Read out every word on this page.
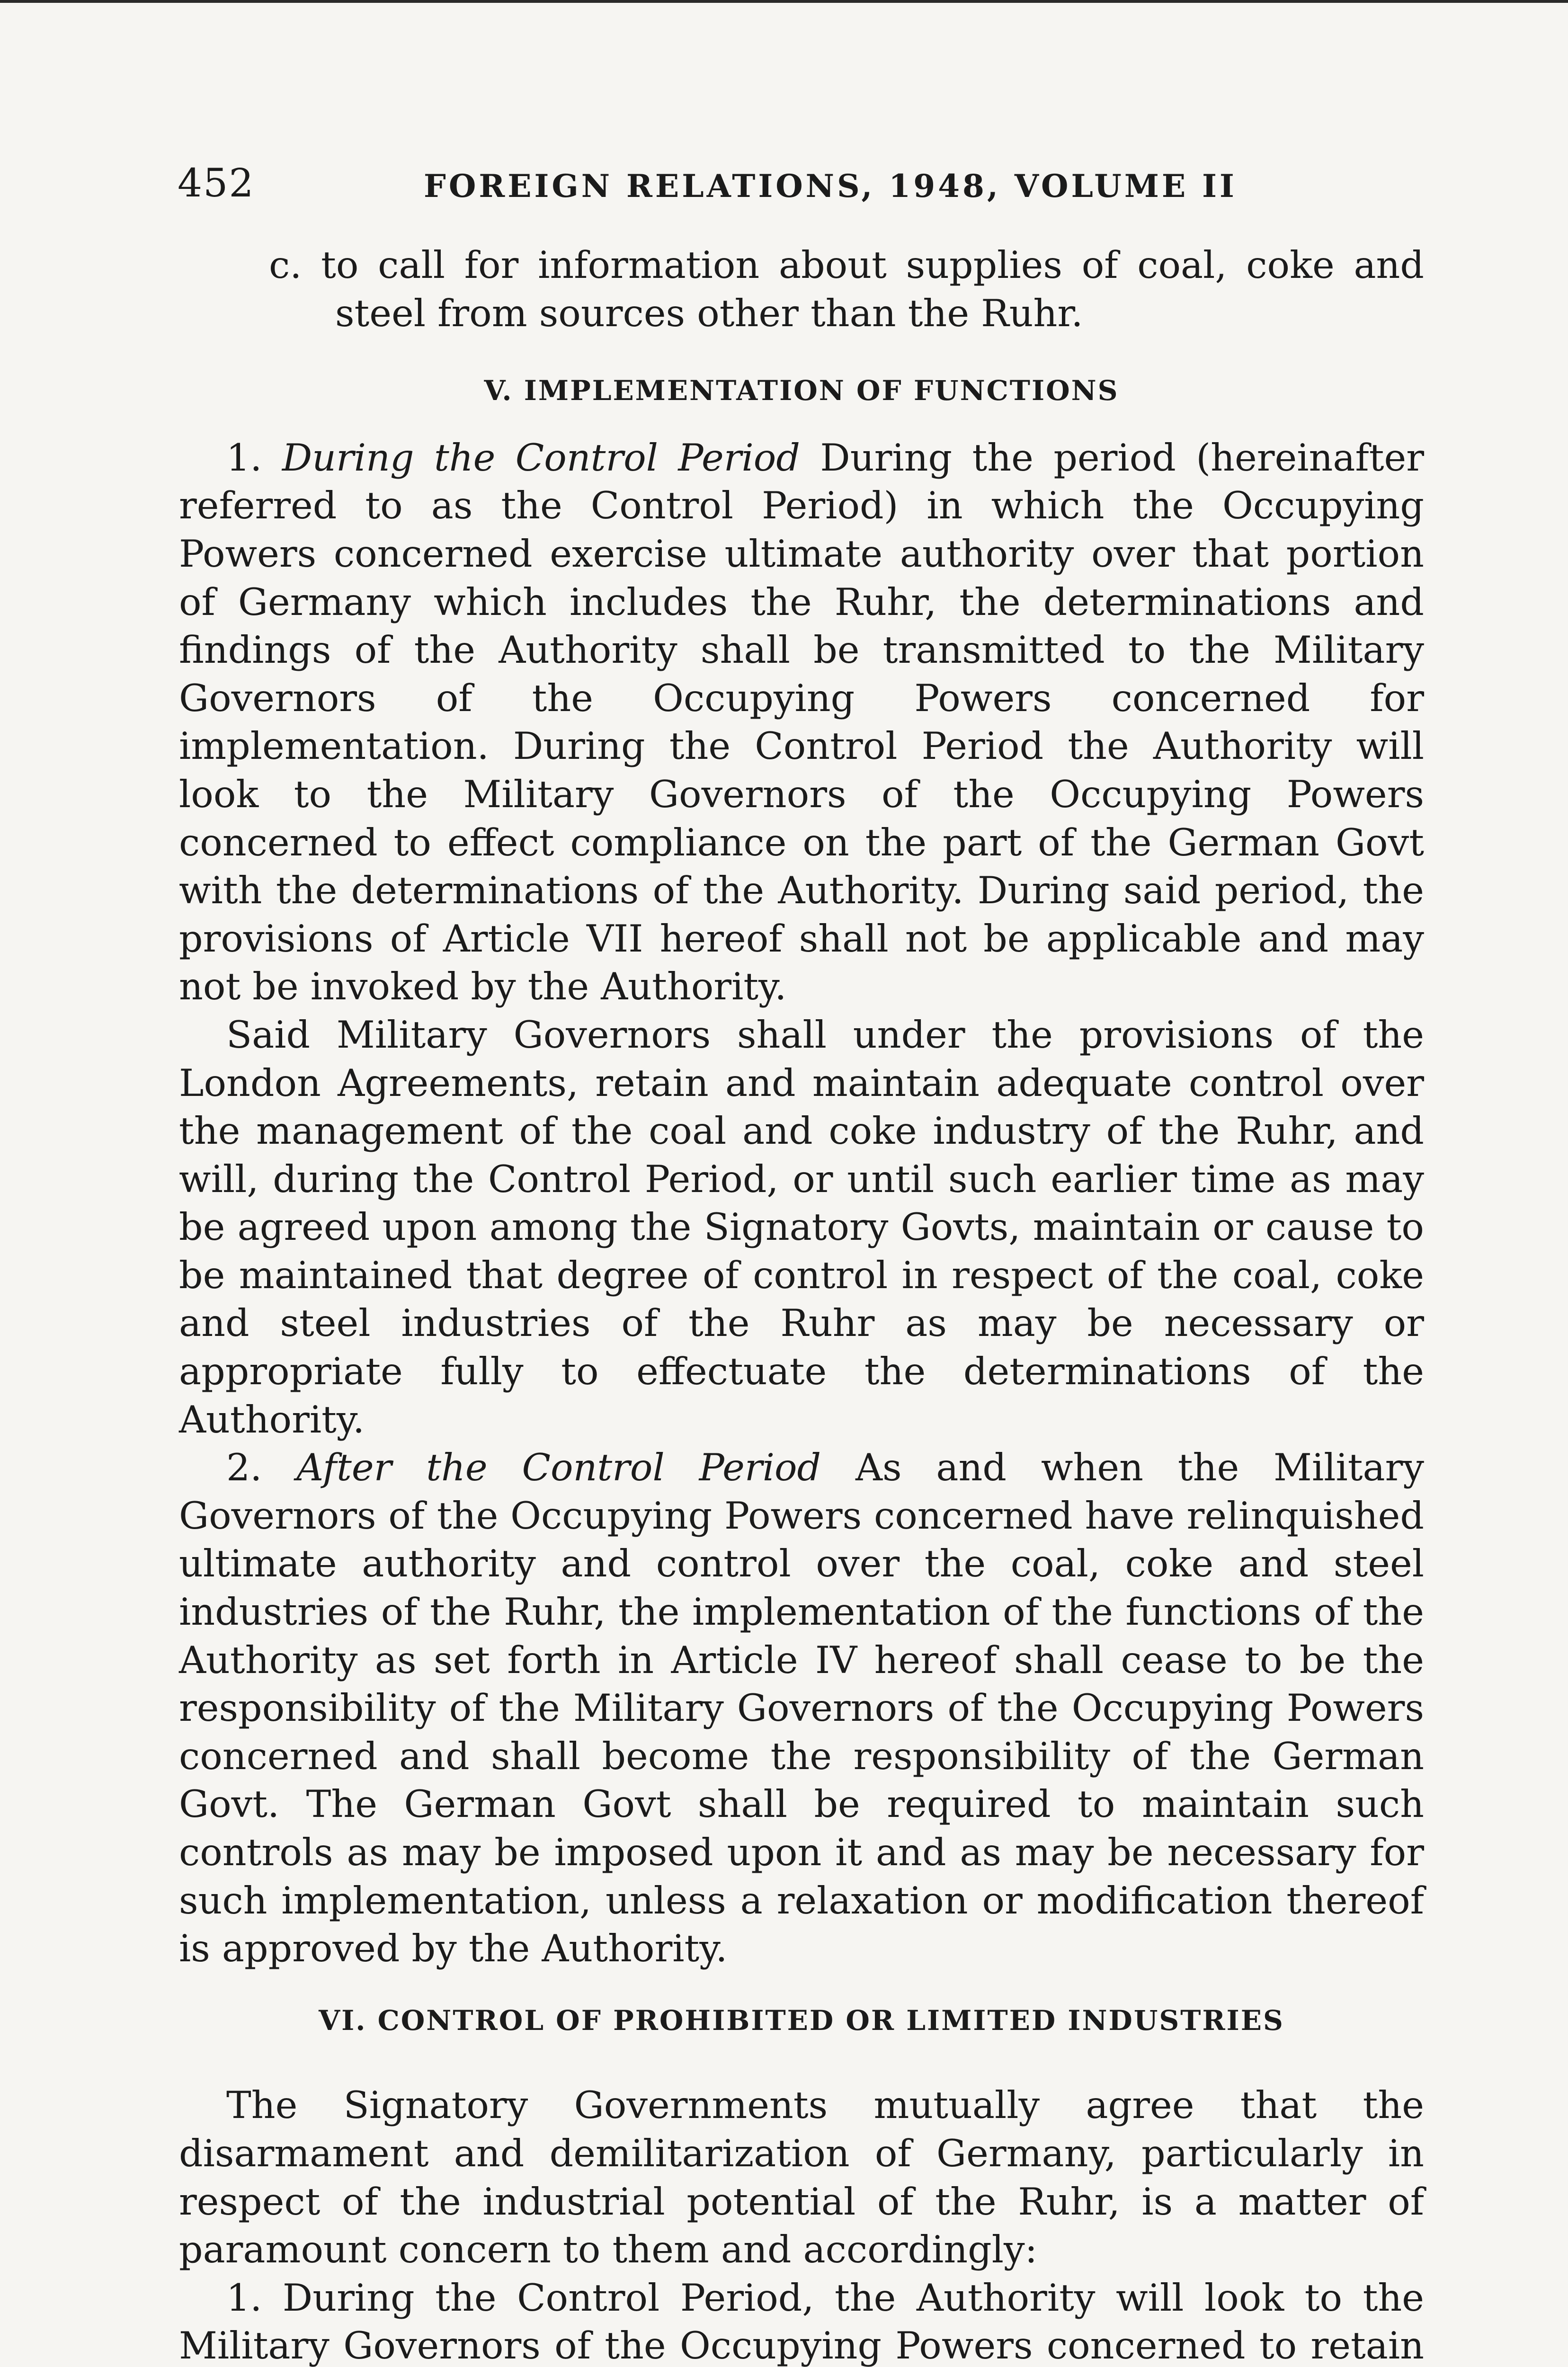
452	FOREIGN RELATIONS, 1948, VOLUME II

c. to call for information about supplies of coal, coke and steel from sources other than the Ruhr.

V. IMPLEMENTATION OF FUNCTIONS

1. During the Control Period During the period (hereinafter referred to as the Control Period) in which the Occupying Powers concerned exercise ultimate authority over that portion of Germany which includes the Ruhr, the determinations and findings of the Authority shall be transmitted to the Military Governors of the Occupying Powers concerned for implementation. During the Control Period the Authority will look to the Military Governors of the Occupying Powers concerned to effect compliance on the part of the German Govt with the determinations of the Authority. During said period, the provisions of Article VII hereof shall not be applicable and may not be invoked by the Authority.

Said Military Governors shall under the provisions of the London Agreements, retain and maintain adequate control over the management of the coal and coke industry of the Ruhr, and will, during the Control Period, or until such earlier time as may be agreed upon among the Signatory Govts, maintain or cause to be maintained that degree of control in respect of the coal, coke and steel industries of the Ruhr as may be necessary or appropriate fully to effectuate the determinations of the Authority.

2. After the Control Period As and when the Military Governors of the Occupying Powers concerned have relinquished ultimate authority and control over the coal, coke and steel industries of the Ruhr, the implementation of the functions of the Authority as set forth in Article IV hereof shall cease to be the responsibility of the Military Governors of the Occupying Powers concerned and shall become the responsibility of the German Govt. The German Govt shall be required to maintain such controls as may be imposed upon it and as may be necessary for such implementation, unless a relaxation or modification thereof is approved by the Authority.

VI. CONTROL OF PROHIBITED OR LIMITED INDUSTRIES

The Signatory Governments mutually agree that the disarmament and demilitarization of Germany, particularly in respect of the industrial potential of the Ruhr, is a matter of paramount concern to them and accordingly:

1. During the Control Period, the Authority will look to the Military Governors of the Occupying Powers concerned to retain
